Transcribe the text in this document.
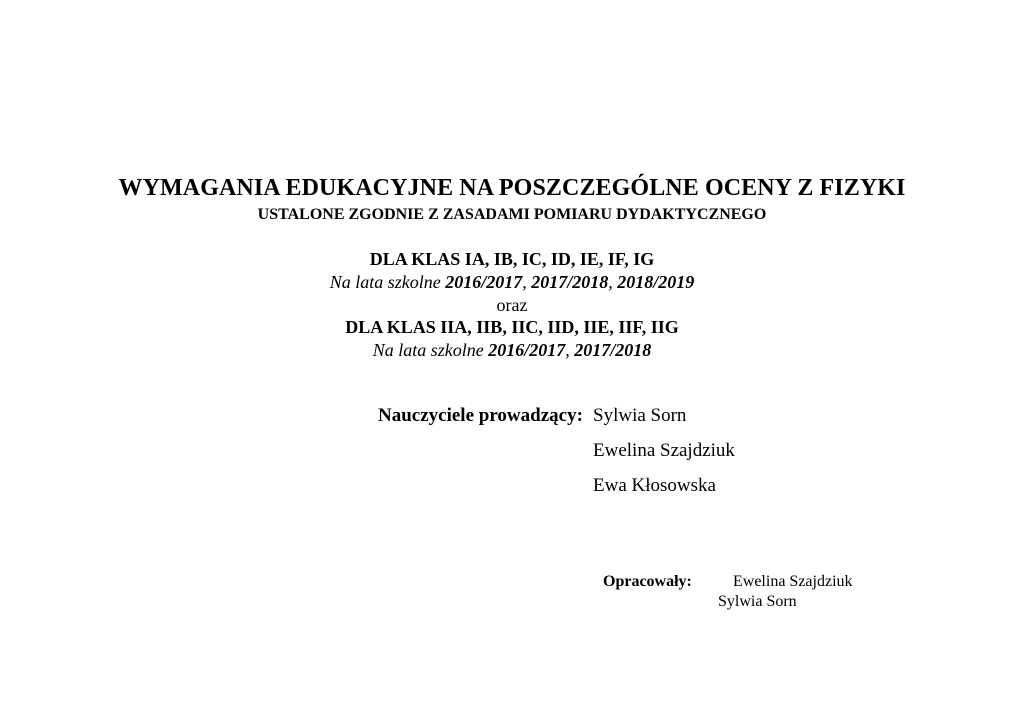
WYMAGANIA EDUKACYJNE NA POSZCZEGÓLNE OCENY Z FIZYKI
USTALONE ZGODNIE Z ZASADAMI POMIARU DYDAKTYCZNEGO
DLA KLAS IA, IB, IC, ID, IE, IF, IG
Na lata szkolne 2016/2017, 2017/2018, 2018/2019
oraz
DLA KLAS IIA, IIB, IIC, IID, IIE, IIF, IIG
Na lata szkolne 2016/2017, 2017/2018
Nauczyciele prowadzący: Sylwia Sorn
Ewelina Szajdziuk
Ewa Kłosowska
Opracowały:	Ewelina Szajdziuk
Sylwia Sorn
